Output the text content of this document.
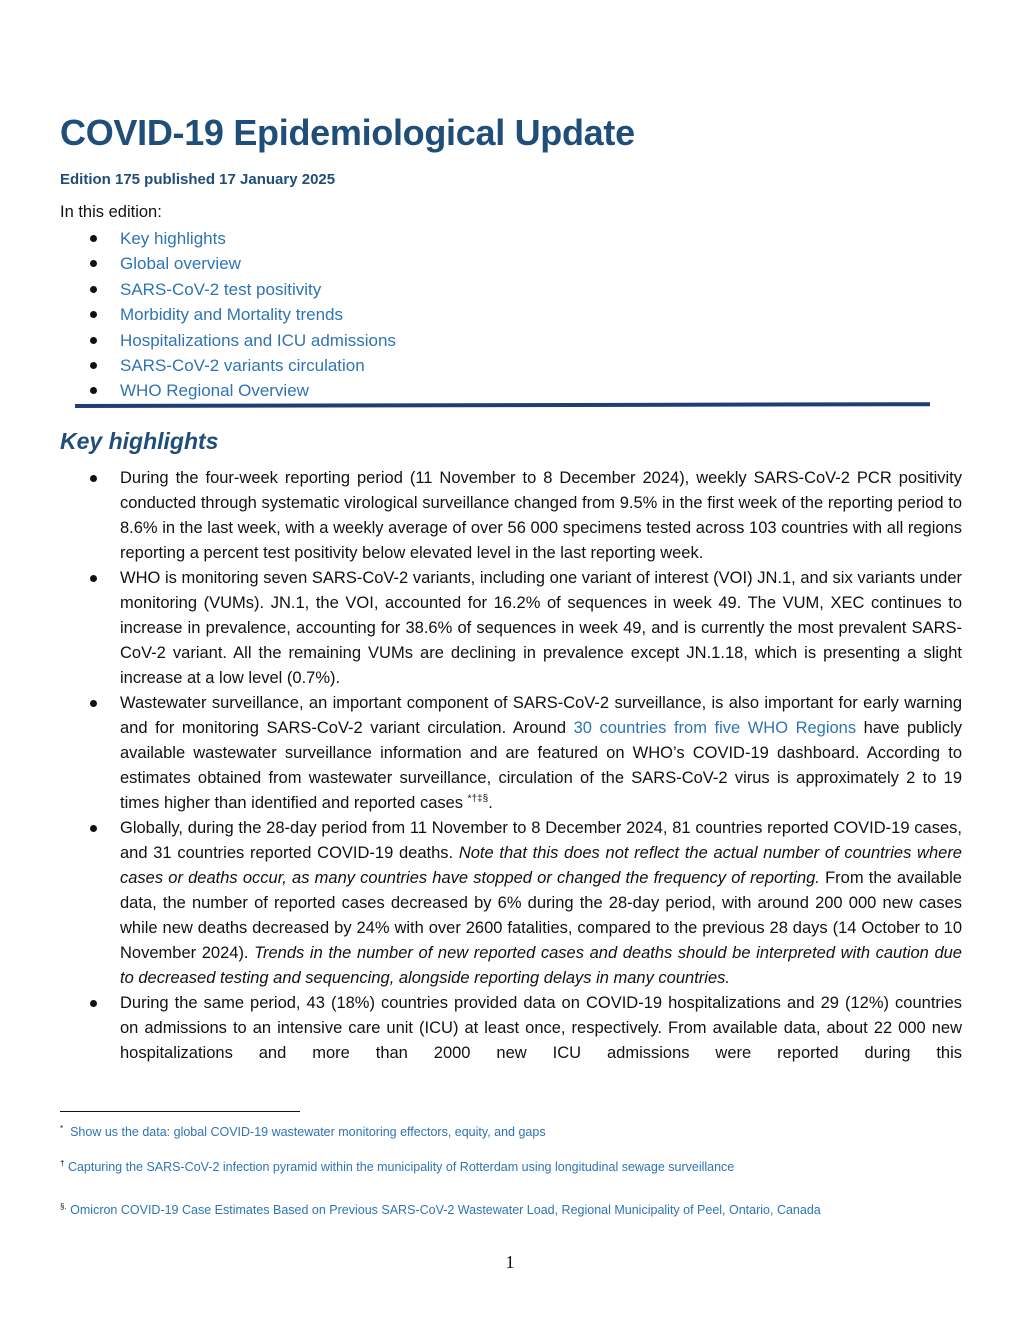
COVID-19 Epidemiological Update
Edition 175 published 17 January 2025
In this edition:
Key highlights
Global overview
SARS-CoV-2 test positivity
Morbidity and Mortality trends
Hospitalizations and ICU admissions
SARS-CoV-2 variants circulation
WHO Regional Overview
Key highlights
During the four-week reporting period (11 November to 8 December 2024), weekly SARS-CoV-2 PCR positivity conducted through systematic virological surveillance changed from 9.5% in the first week of the reporting period to 8.6% in the last week, with a weekly average of over 56 000 specimens tested across 103 countries with all regions reporting a percent test positivity below elevated level in the last reporting week.
WHO is monitoring seven SARS-CoV-2 variants, including one variant of interest (VOI) JN.1, and six variants under monitoring (VUMs). JN.1, the VOI, accounted for 16.2% of sequences in week 49. The VUM, XEC continues to increase in prevalence, accounting for 38.6% of sequences in week 49, and is currently the most prevalent SARS-CoV-2 variant. All the remaining VUMs are declining in prevalence except JN.1.18, which is presenting a slight increase at a low level (0.7%).
Wastewater surveillance, an important component of SARS-CoV-2 surveillance, is also important for early warning and for monitoring SARS-CoV-2 variant circulation. Around 30 countries from five WHO Regions have publicly available wastewater surveillance information and are featured on WHO’s COVID-19 dashboard. According to estimates obtained from wastewater surveillance, circulation of the SARS-CoV-2 virus is approximately 2 to 19 times higher than identified and reported cases *†‡§.
Globally, during the 28-day period from 11 November to 8 December 2024, 81 countries reported COVID-19 cases, and 31 countries reported COVID-19 deaths. Note that this does not reflect the actual number of countries where cases or deaths occur, as many countries have stopped or changed the frequency of reporting. From the available data, the number of reported cases decreased by 6% during the 28-day period, with around 200 000 new cases while new deaths decreased by 24% with over 2600 fatalities, compared to the previous 28 days (14 October to 10 November 2024). Trends in the number of new reported cases and deaths should be interpreted with caution due to decreased testing and sequencing, alongside reporting delays in many countries.
During the same period, 43 (18%) countries provided data on COVID-19 hospitalizations and 29 (12%) countries on admissions to an intensive care unit (ICU) at least once, respectively. From available data, about 22 000 new hospitalizations and more than 2000 new ICU admissions were reported during this
* Show us the data: global COVID-19 wastewater monitoring effectors, equity, and gaps
† Capturing the SARS-CoV-2 infection pyramid within the municipality of Rotterdam using longitudinal sewage surveillance
§. Omicron COVID-19 Case Estimates Based on Previous SARS-CoV-2 Wastewater Load, Regional Municipality of Peel, Ontario, Canada
1
